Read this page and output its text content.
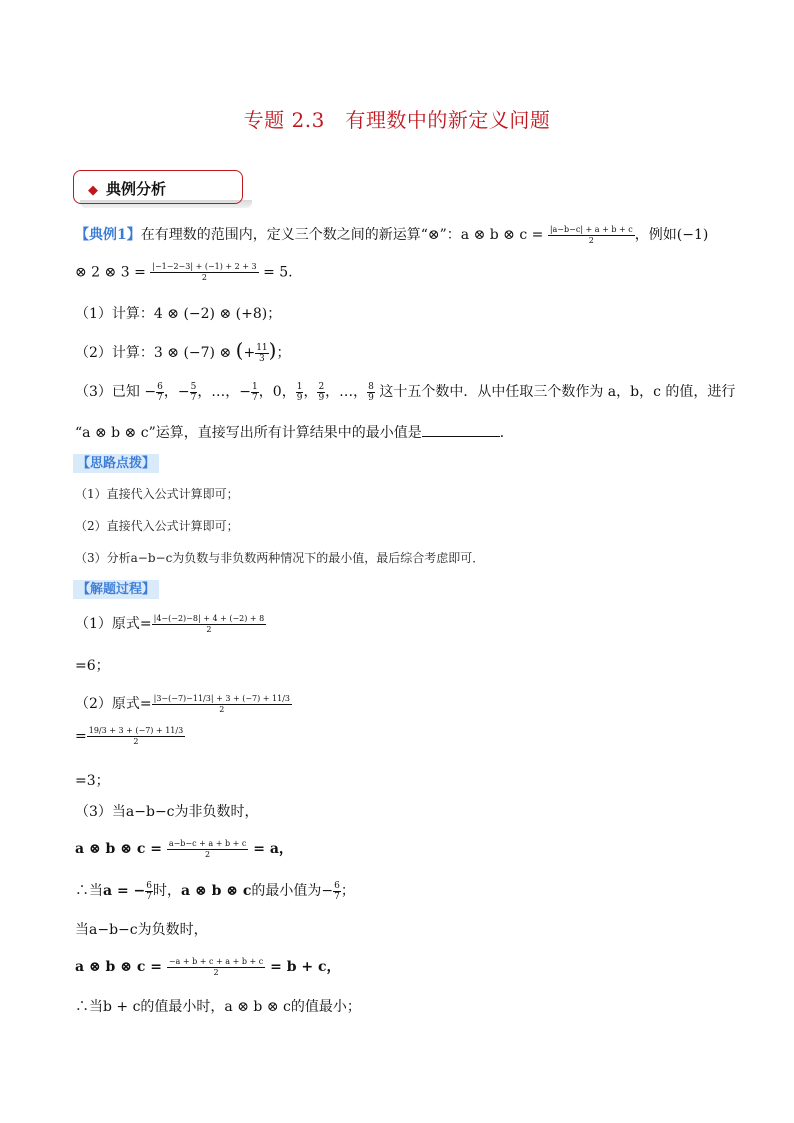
专题 2.3　有理数中的新定义问题
◆ 典例分析
【典例1】在有理数的范围内，定义三个数之间的新运算“⊗”：a ⊗ b ⊗ $c = \frac{|a-b-c| + a + b + c}{2}$ ，例如(−1)
⊗ 2 ⊗ $3 = \frac{|-1-2-3| + (-1) + 2 + 3}{2} = 5$.
（1）计算：4 ⊗ (−2) ⊗ (+8)；
（2）计算：3 ⊗ (−7) ⊗ (+ $\frac{11}{3}$ )；
（3）已知 − $\frac{6}{7}$ ，− $\frac{5}{7}$ ，…，− $\frac{1}{7}$ ，0， $\frac{1}{9}$ ， $\frac{2}{9}$ ，…， $\frac{8}{9}$ 这十五个数中．从中任取三个数作为 a，b，c 的值，进行
“a ⊗ b ⊗ c”运算，直接写出所有计算结果中的最小值是	．
【思路点拨】
（1）直接代入公式计算即可；
（2）直接代入公式计算即可；
（3）分析a−b−c为负数与非负数两种情况下的最小值，最后综合考虑即可．
【解题过程】
（1）原式= $\frac{|4-(-2)-8| + 4 + (-2) + 8}{2}$
=6；
（2）原式= $\frac{|3-(-7)-11/3| + 3 + (-7) + 11/3}{2}$
= $\frac{19/3 + 3 + (-7) + 11/3}{2}$
=3；
（3）当a−b−c为非负数时，
a ⊗ b ⊗ $c = \frac{a-b-c + a + b + c}{2} = a$，
∴当a = − $\frac{6}{7}$ 时，a ⊗ b ⊗ c的最小值为− $\frac{6}{7}$ ；
当a−b−c为负数时，
a ⊗ b ⊗ $c = \frac{-a + b + c + a + b + c}{2} = b + c$，
∴当b + c的值最小时，a ⊗ b ⊗ c的值最小；
